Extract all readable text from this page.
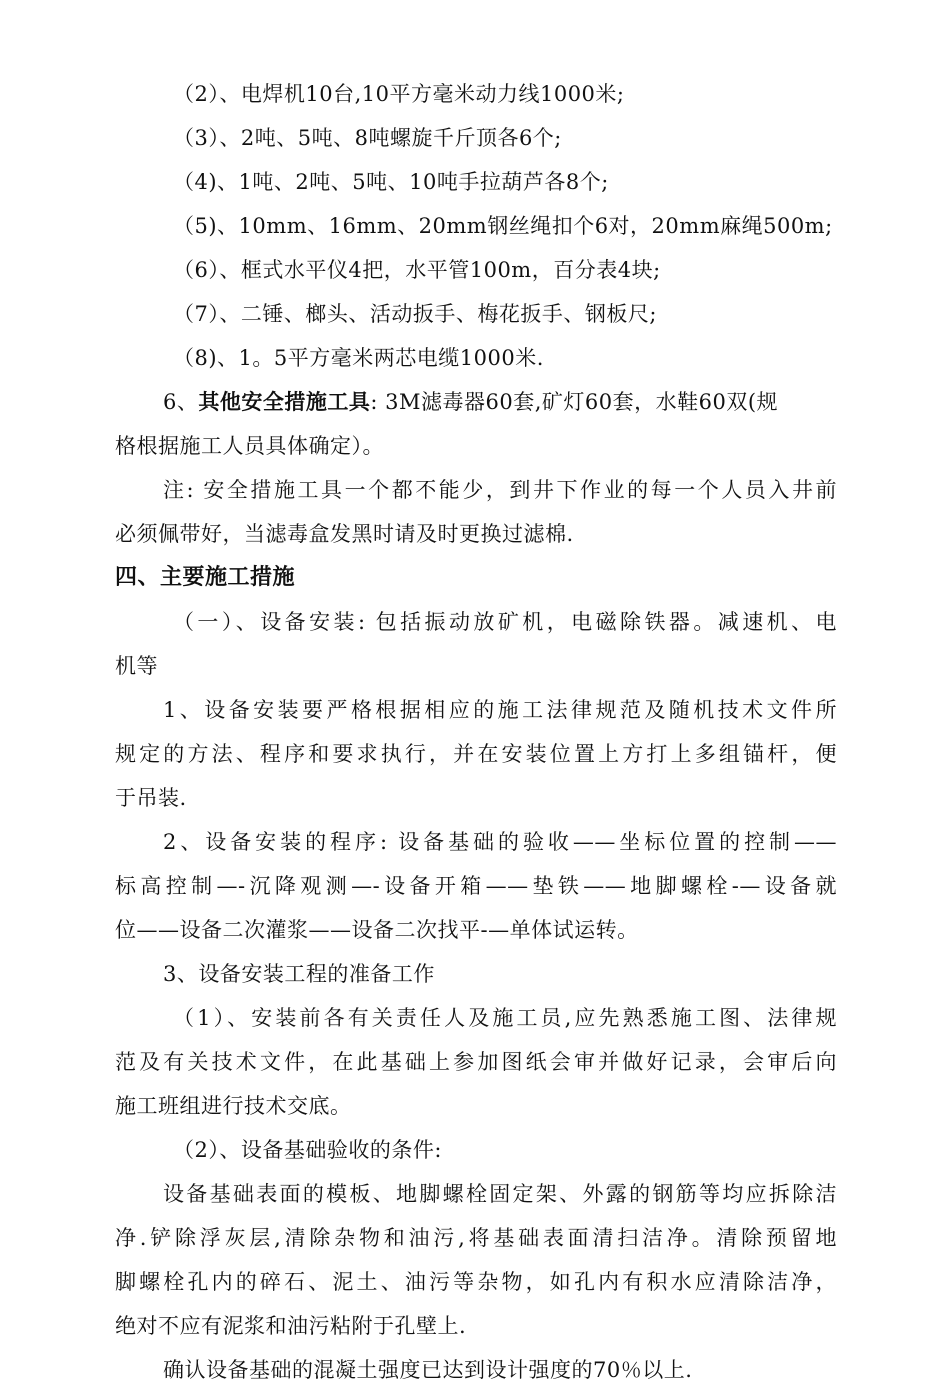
（2）、电焊机10台,10平方毫米动力线1000米;
（3）、2吨、5吨、8吨螺旋千斤顶各6个;
（4)、1吨、2吨、5吨、10吨手拉葫芦各8个;
（5)、10mm、16mm、20mm钢丝绳扣个6对，20mm麻绳500m;
（6）、框式水平仪4把，水平管100m，百分表4块;
（7）、二锤、榔头、活动扳手、梅花扳手、钢板尺;
（8)、1。5平方毫米两芯电缆1000米.
6、其他安全措施工具: 3M滤毒器60套,矿灯60套，水鞋60双(规
格根据施工人员具体确定）。
注: 安全措施工具一个都不能少，到井下作业的每一个人员入井前
必须佩带好，当滤毒盒发黑时请及时更换过滤棉.
四、主要施工措施
（一）、设备安装: 包括振动放矿机，电磁除铁器。减速机、电
机等
1、设备安装要严格根据相应的施工法律规范及随机技术文件所
规定的方法、程序和要求执行，并在安装位置上方打上多组锚杆，便
于吊装.
2、设备安装的程序: 设备基础的验收——坐标位置的控制——
标高控制—-沉降观测—-设备开箱——垫铁——地脚螺栓-—设备就
位——设备二次灌浆——设备二次找平-—单体试运转。
3、设备安装工程的准备工作
（1）、安装前各有关责任人及施工员,应先熟悉施工图、法律规
范及有关技术文件，在此基础上参加图纸会审并做好记录，会审后向
施工班组进行技术交底。
（2）、设备基础验收的条件:
设备基础表面的模板、地脚螺栓固定架、外露的钢筋等均应拆除洁
净.铲除浮灰层,清除杂物和油污,将基础表面清扫洁净。清除预留地
脚螺栓孔内的碎石、泥土、油污等杂物，如孔内有积水应清除洁净，
绝对不应有泥浆和油污粘附于孔壁上.
确认设备基础的混凝土强度已达到设计强度的70％以上.
